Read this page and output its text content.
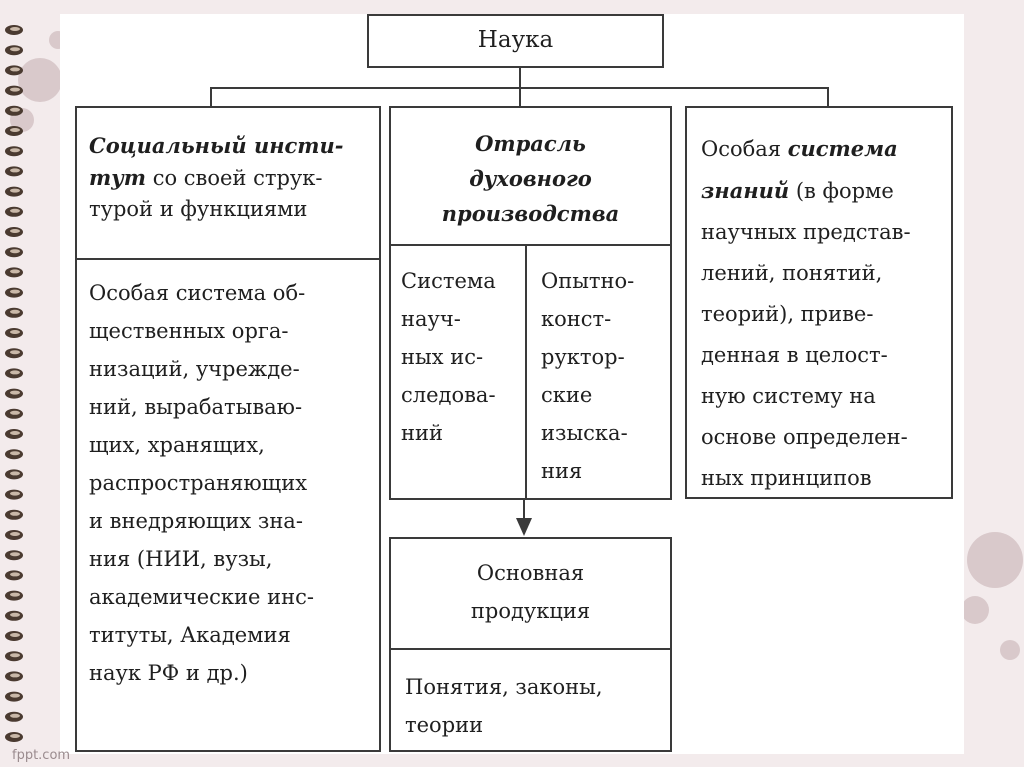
Наука
Социальный инсти-
тут со своей струк-
турой и функциями
Особая система об-
щественных орга-
низаций, учрежде-
ний, вырабатываю-
щих, хранящих,
распространяющих
и внедряющих зна-
ния (НИИ, вузы,
академические инс-
титуты, Академия
наук РФ и др.)
Отрасль
духовного
производства
Система
науч-
ных ис-
следова-
ний
Опытно-
конст-
руктор-
ские
изыска-
ния
Основная
продукция
Понятия, законы,
теории
Особая система
знаний (в форме
научных представ-
лений, понятий,
теорий), приве-
денная в целост-
ную систему на
основе определен-
ных принципов
fppt.com
